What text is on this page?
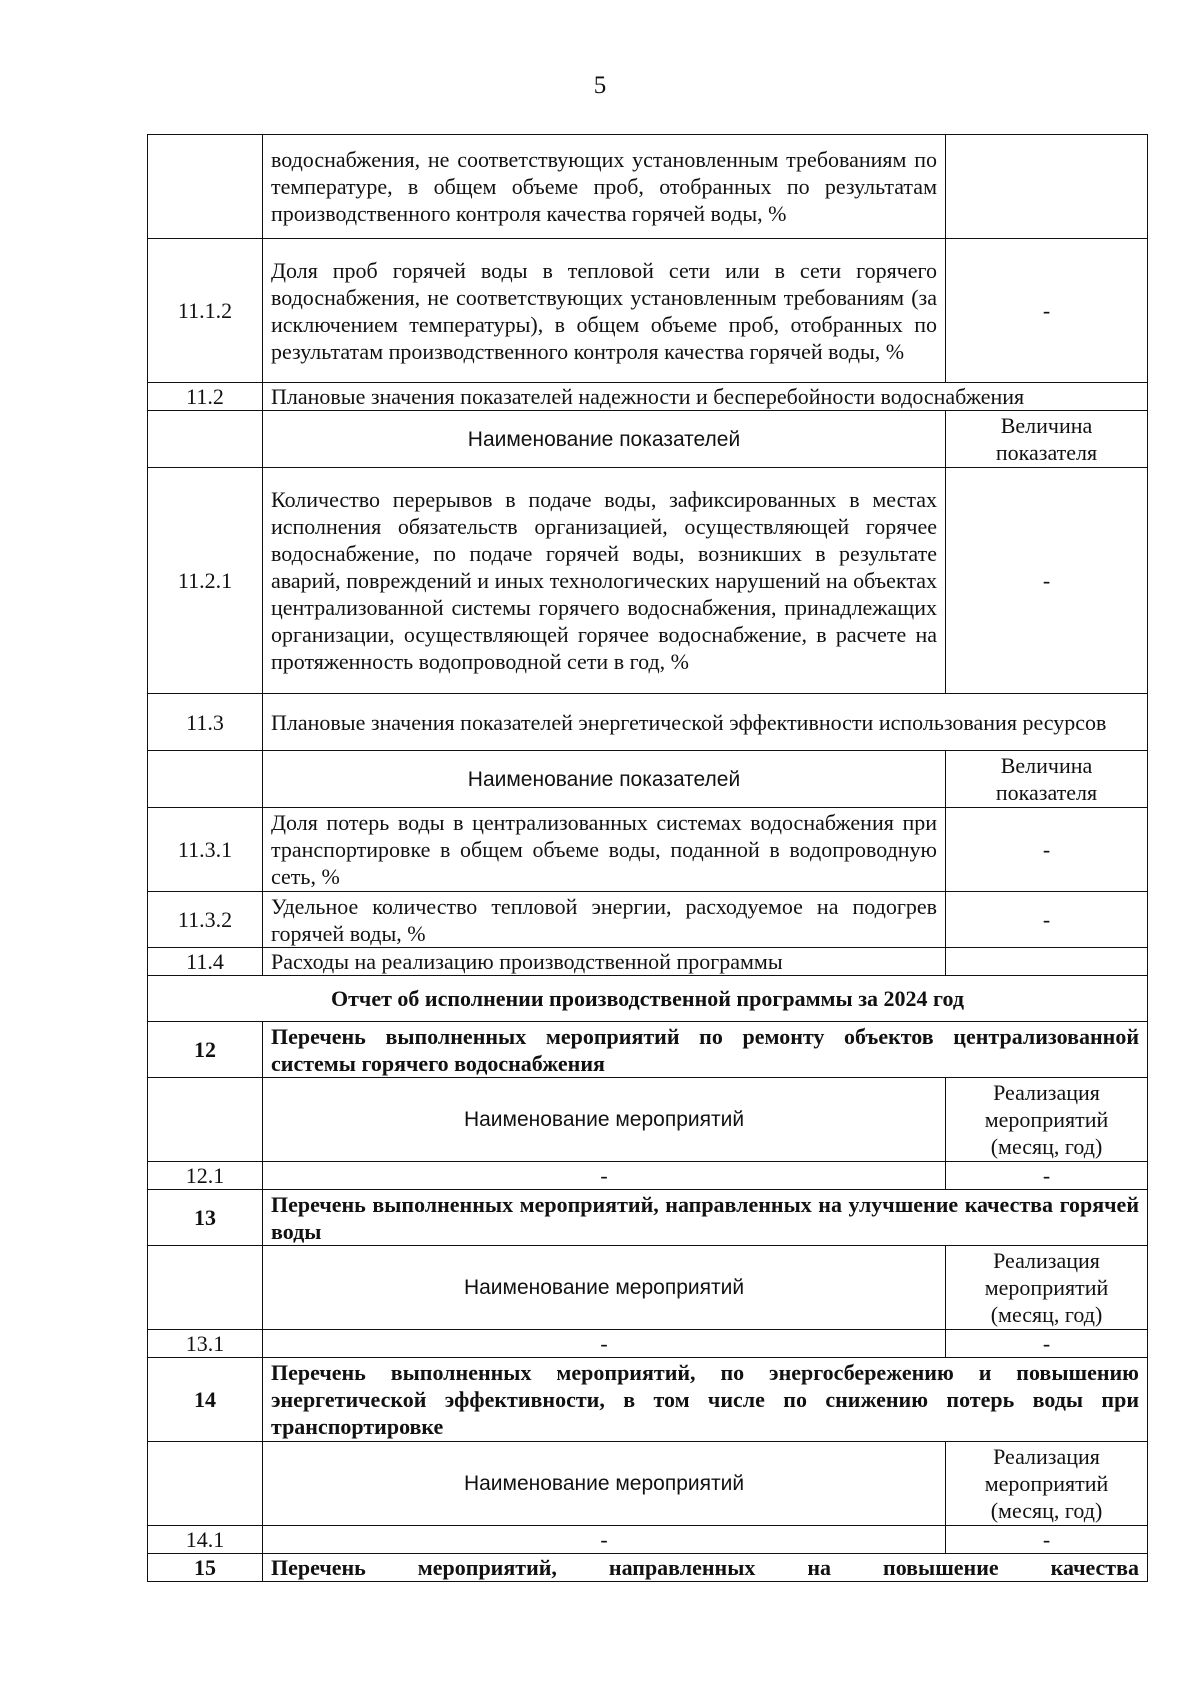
5
	водоснабжения, не соответствующих установленным требованиям по температуре, в общем объеме проб, отобранных по результатам производственного контроля качества горячей воды, %	
11.1.2	Доля проб горячей воды в тепловой сети или в сети горячего водоснабжения, не соответствующих установленным требованиям (за исключением температуры), в общем объеме проб, отобранных по результатам производственного контроля качества горячей воды, %	-
11.2	Плановые значения показателей надежности и бесперебойности водоснабжения	
	Наименование показателей	Величина показателя
11.2.1	Количество перерывов в подаче воды, зафиксированных в местах исполнения обязательств организацией, осуществляющей горячее водоснабжение, по подаче горячей воды, возникших в результате аварий, повреждений и иных технологических нарушений на объектах централизованной системы горячего водоснабжения, принадлежащих организации, осуществляющей горячее водоснабжение, в расчете на протяженность водопроводной сети в год, %	-
11.3	Плановые значения показателей энергетической эффективности использования ресурсов	
	Наименование показателей	Величина показателя
11.3.1	Доля потерь воды в централизованных системах водоснабжения при транспортировке в общем объеме воды, поданной в водопроводную сеть, %	-
11.3.2	Удельное количество тепловой энергии, расходуемое на подогрев горячей воды, %	-
11.4	Расходы на реализацию производственной программы	
Отчет об исполнении производственной программы за 2024 год		
12	Перечень выполненных мероприятий по ремонту объектов централизованной системы горячего водоснабжения	
	Наименование мероприятий	Реализация мероприятий (месяц, год)
12.1	-	-
13	Перечень выполненных мероприятий, направленных на улучшение качества горячей воды	
	Наименование мероприятий	Реализация мероприятий (месяц, год)
13.1	-	-
14	Перечень выполненных мероприятий, по энергосбережению и повышению энергетической эффективности, в том числе по снижению потерь воды при транспортировке	
	Наименование мероприятий	Реализация мероприятий (месяц, год)
14.1	-	-
15	Перечень мероприятий, направленных на повышение качества	
